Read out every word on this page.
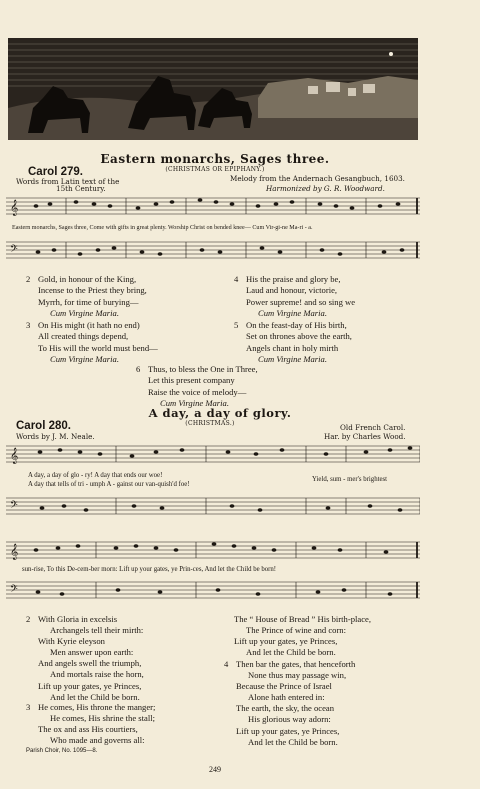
Eastern monarchs, Sages three.
(CHRISTMAS OR EPIPHANY.)
Carol 279.
Words from Latin text of the
15th Century.
Melody from the Andernach Gesangbuch, 1603.
Harmonized by G. R. Woodward.
𝄞
Eastern monarchs, Sages three, Come with gifts in great plenty. Worship Christ on bended knee— Cum Vir-gi-ne Ma-ri - a.
𝄢
2 Gold, in honour of the King,
Incense to the Priest they bring,
Myrrh, for time of burying—
Cum Virgine Maria.
3 On His might (it hath no end)
All created things depend,
To His will the world must bend—
Cum Virgine Maria.
4 His the praise and glory be,
Laud and honour, victorie,
Power supreme! and so sing we
Cum Virgine Maria.
5 On the feast-day of His birth,
Set on thrones above the earth,
Angels chant in holy mirth
Cum Virgine Maria.
6 Thus, to bless the One in Three,
Let this present company
Raise the voice of melody—
Cum Virgine Maria.
A day, a day of glory.
(CHRISTMAS.)
Carol 280.
Words by J. M. Neale.
Old French Carol.
Har. by Charles Wood.
𝄞
A day, a day of glo - ry! A day that ends our woe!
A day that tells of tri - umph A - gainst our van-quish'd foe!
Yield, sum - mer's brightest
𝄢
𝄞
sun-rise, To this De-cem-ber morn: Lift up your gates, ye Prin-ces, And let the Child be born!
𝄢
2 With Gloria in excelsis
Archangels tell their mirth:
With Kyrie eleyson
Men answer upon earth:
And angels swell the triumph,
And mortals raise the horn,
Lift up your gates, ye Princes,
And let the Child be born.
3 He comes, His throne the manger;
He comes, His shrine the stall;
The ox and ass His courtiers,
Who made and governs all:
The “ House of Bread ” His birth-place,
The Prince of wine and corn:
Lift up your gates, ye Princes,
And let the Child be born.
4 Then bar the gates, that henceforth
None thus may passage win,
Because the Prince of Israel
Alone hath entered in:
The earth, the sky, the ocean
His glorious way adorn:
Lift up your gates, ye Princes,
And let the Child be born.
Parish Choir, No. 1095—8.
249
